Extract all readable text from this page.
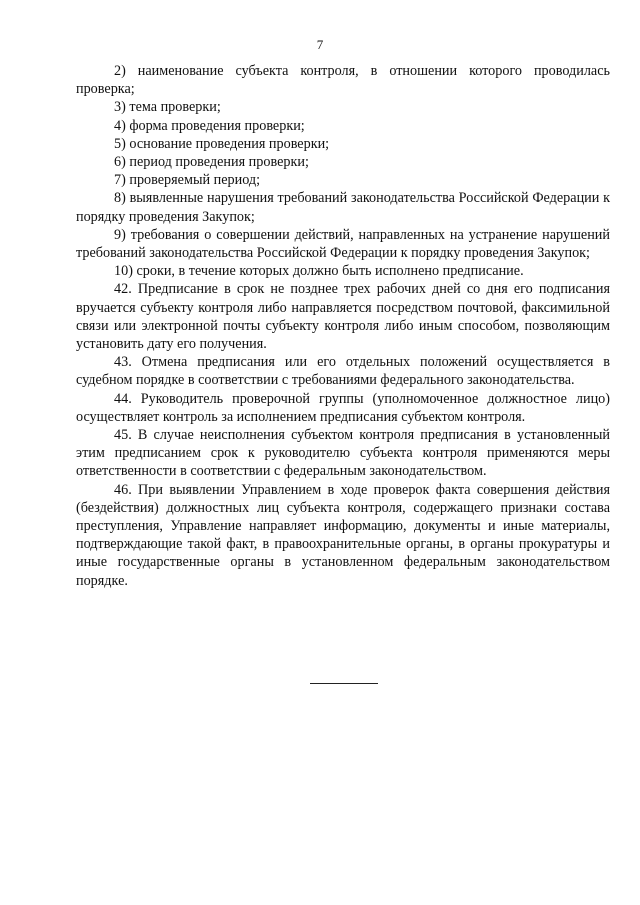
7

2) наименование субъекта контроля, в отношении которого проводилась проверка;

3) тема проверки;

4) форма проведения проверки;

5) основание проведения проверки;

6) период проведения проверки;

7) проверяемый период;

8) выявленные нарушения требований законодательства Российской Федерации к порядку проведения Закупок;

9) требования о совершении действий, направленных на устранение нарушений требований законодательства Российской Федерации к порядку проведения Закупок;

10) сроки, в течение которых должно быть исполнено предписание.

42. Предписание в срок не позднее трех рабочих дней со дня его подписания вручается субъекту контроля либо направляется посредством почтовой, факсимильной связи или электронной почты субъекту контроля либо иным способом, позволяющим установить дату его получения.

43. Отмена предписания или его отдельных положений осуществляется в судебном порядке в соответствии с требованиями федерального законодательства.

44. Руководитель проверочной группы (уполномоченное должностное лицо) осуществляет контроль за исполнением предписания субъектом контроля.

45. В случае неисполнения субъектом контроля предписания в установленный этим предписанием срок к руководителю субъекта контроля применяются меры ответственности в соответствии с федеральным законодательством.

46. При выявлении Управлением в ходе проверок факта совершения действия (бездействия) должностных лиц субъекта контроля, содержащего признаки состава преступления, Управление направляет информацию, документы и иные материалы, подтверждающие такой факт, в правоохранительные органы, в органы прокуратуры и иные государственные органы в установленном федеральным законодательством порядке.
